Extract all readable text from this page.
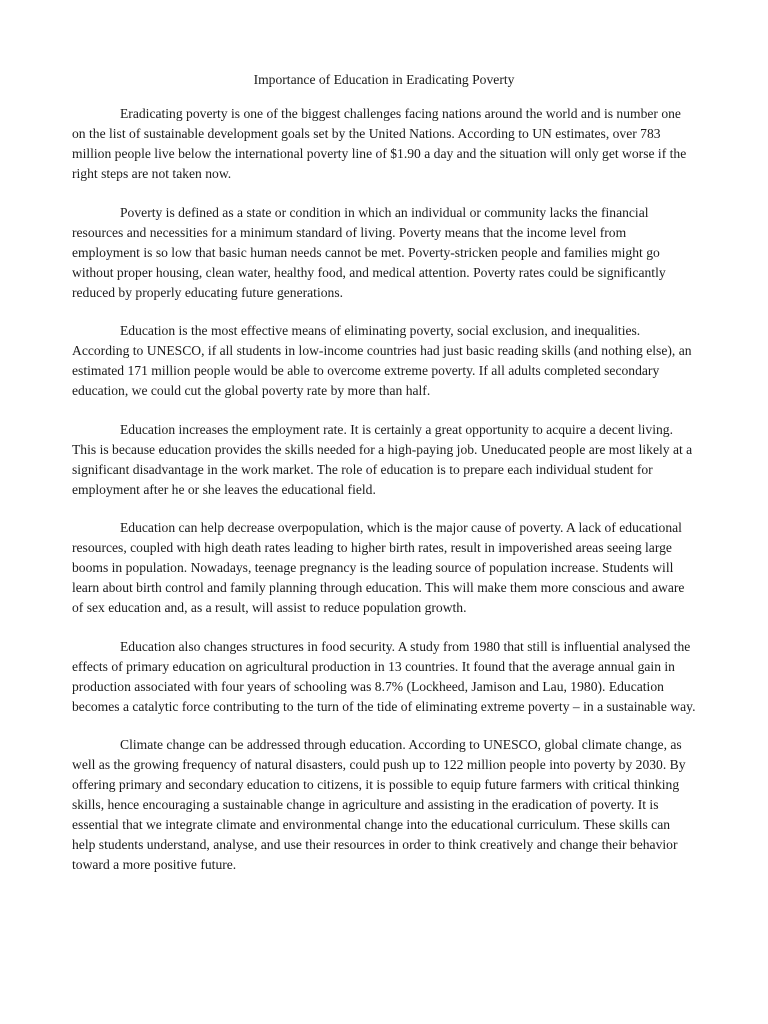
Importance of Education in Eradicating Poverty

Eradicating poverty is one of the biggest challenges facing nations around the world and is number one on the list of sustainable development goals set by the United Nations. According to UN estimates, over 783 million people live below the international poverty line of $1.90 a day and the situation will only get worse if the right steps are not taken now.

Poverty is defined as a state or condition in which an individual or community lacks the financial resources and necessities for a minimum standard of living. Poverty means that the income level from employment is so low that basic human needs cannot be met. Poverty-stricken people and families might go without proper housing, clean water, healthy food, and medical attention. Poverty rates could be significantly reduced by properly educating future generations.

Education is the most effective means of eliminating poverty, social exclusion, and inequalities. According to UNESCO, if all students in low-income countries had just basic reading skills (and nothing else), an estimated 171 million people would be able to overcome extreme poverty. If all adults completed secondary education, we could cut the global poverty rate by more than half.

Education increases the employment rate. It is certainly a great opportunity to acquire a decent living. This is because education provides the skills needed for a high-paying job. Uneducated people are most likely at a significant disadvantage in the work market. The role of education is to prepare each individual student for employment after he or she leaves the educational field.

Education can help decrease overpopulation, which is the major cause of poverty. A lack of educational resources, coupled with high death rates leading to higher birth rates, result in impoverished areas seeing large booms in population. Nowadays, teenage pregnancy is the leading source of population increase. Students will learn about birth control and family planning through education. This will make them more conscious and aware of sex education and, as a result, will assist to reduce population growth.

Education also changes structures in food security. A study from 1980 that still is influential analysed the effects of primary education on agricultural production in 13 countries. It found that the average annual gain in production associated with four years of schooling was 8.7% (Lockheed, Jamison and Lau, 1980). Education becomes a catalytic force contributing to the turn of the tide of eliminating extreme poverty – in a sustainable way.

Climate change can be addressed through education. According to UNESCO, global climate change, as well as the growing frequency of natural disasters, could push up to 122 million people into poverty by 2030. By offering primary and secondary education to citizens, it is possible to equip future farmers with critical thinking skills, hence encouraging a sustainable change in agriculture and assisting in the eradication of poverty. It is essential that we integrate climate and environmental change into the educational curriculum. These skills can help students understand, analyse, and use their resources in order to think creatively and change their behavior toward a more positive future.
